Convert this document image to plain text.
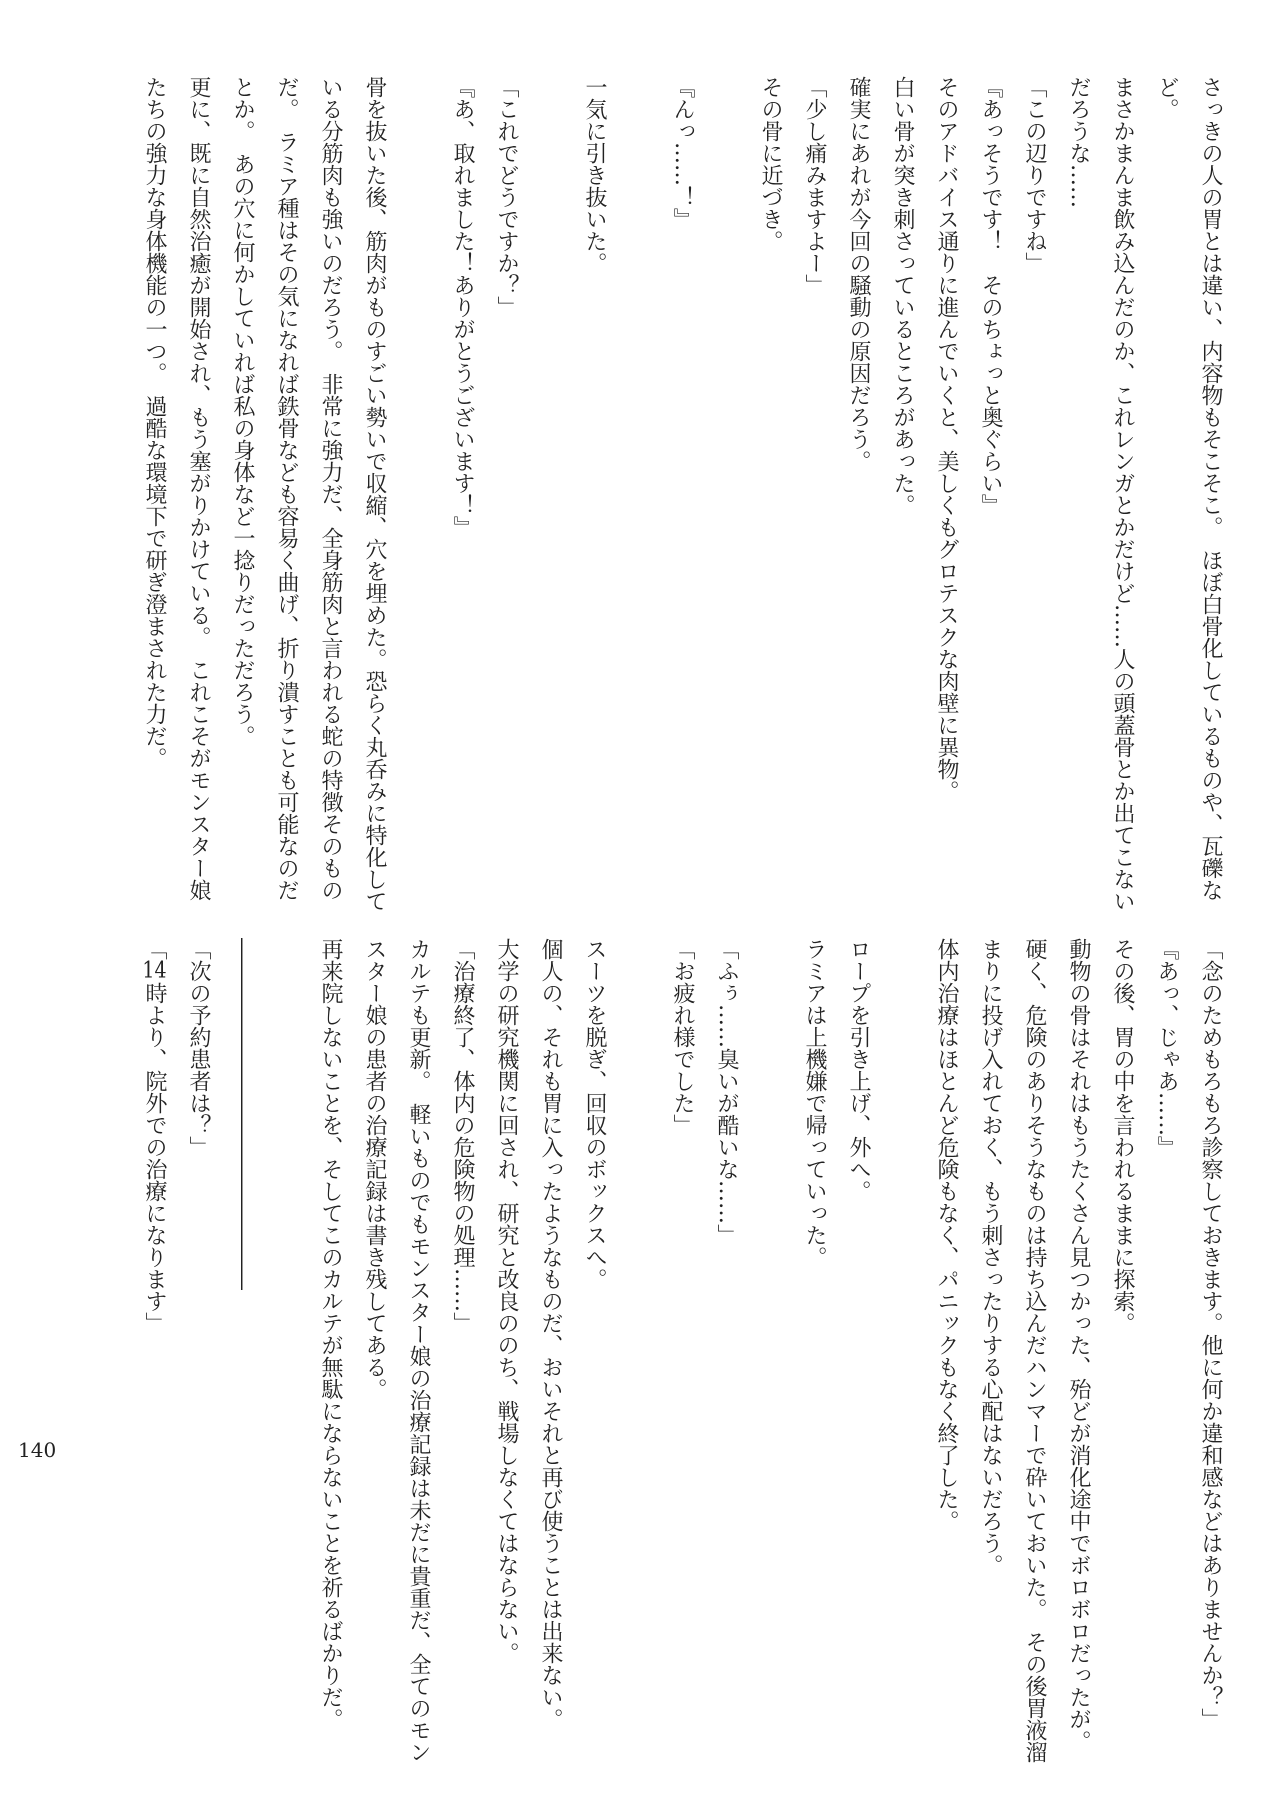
さっきの人の胃とは違い、内容物もそこそこ。　ほぼ白骨化しているものや、瓦礫など。

まさかまんま飲み込んだのか、これレンガとかだけど……人の頭蓋骨とか出てこないだろうな……

「この辺りですね」

『あっそうです！　そのちょっと奥ぐらい』

そのアドバイス通りに進んでいくと、美しくもグロテスクな肉壁に異物。

白い骨が突き刺さっているところがあった。

確実にあれが今回の騒動の原因だろう。

「少し痛みますよー」

その骨に近づき。

『んっ……！』

一気に引き抜いた。

「これでどうですか？」

『あ、取れました！ありがとうございます！』

骨を抜いた後、筋肉がものすごい勢いで収縮、穴を埋めた。恐らく丸呑みに特化している分筋肉も強いのだろう。　非常に強力だ、全身筋肉と言われる蛇の特徴そのものだ。　ラミア種はその気になれば鉄骨なども容易く曲げ、折り潰すことも可能なのだとか。　あの穴に何かしていれば私の身体など一捻りだっただろう。

更に、既に自然治癒が開始され、もう塞がりかけている。　これこそがモンスター娘たちの強力な身体機能の一つ。　過酷な環境下で研ぎ澄まされた力だ。

「念のためもろもろ診察しておきます。他に何か違和感などはありませんか？」

『あっ、じゃあ……』

その後、胃の中を言われるままに探索。

動物の骨はそれはもうたくさん見つかった、殆どが消化途中でボロボロだったが。　硬く、危険のありそうなものは持ち込んだハンマーで砕いておいた。　その後胃液溜まりに投げ入れておく、もう刺さったりする心配はないだろう。

体内治療はほとんど危険もなく、パニックもなく終了した。

ロープを引き上げ、外へ。

ラミアは上機嫌で帰っていった。

「ふぅ……臭いが酷いな……」

「お疲れ様でした」

スーツを脱ぎ、回収のボックスへ。

個人の、それも胃に入ったようなものだ、おいそれと再び使うことは出来ない。

大学の研究機関に回され、研究と改良ののち、戦場しなくてはならない。

「治療終了、体内の危険物の処理……」

カルテも更新。　軽いものでもモンスター娘の治療記録は未だに貴重だ、全てのモンスター娘の患者の治療記録は書き残してある。

再来院しないことを、そしてこのカルテが無駄にならないことを祈るばかりだ。

――――――――――――――――

「次の予約患者は？」

「14時より、院外での治療になります」

140
